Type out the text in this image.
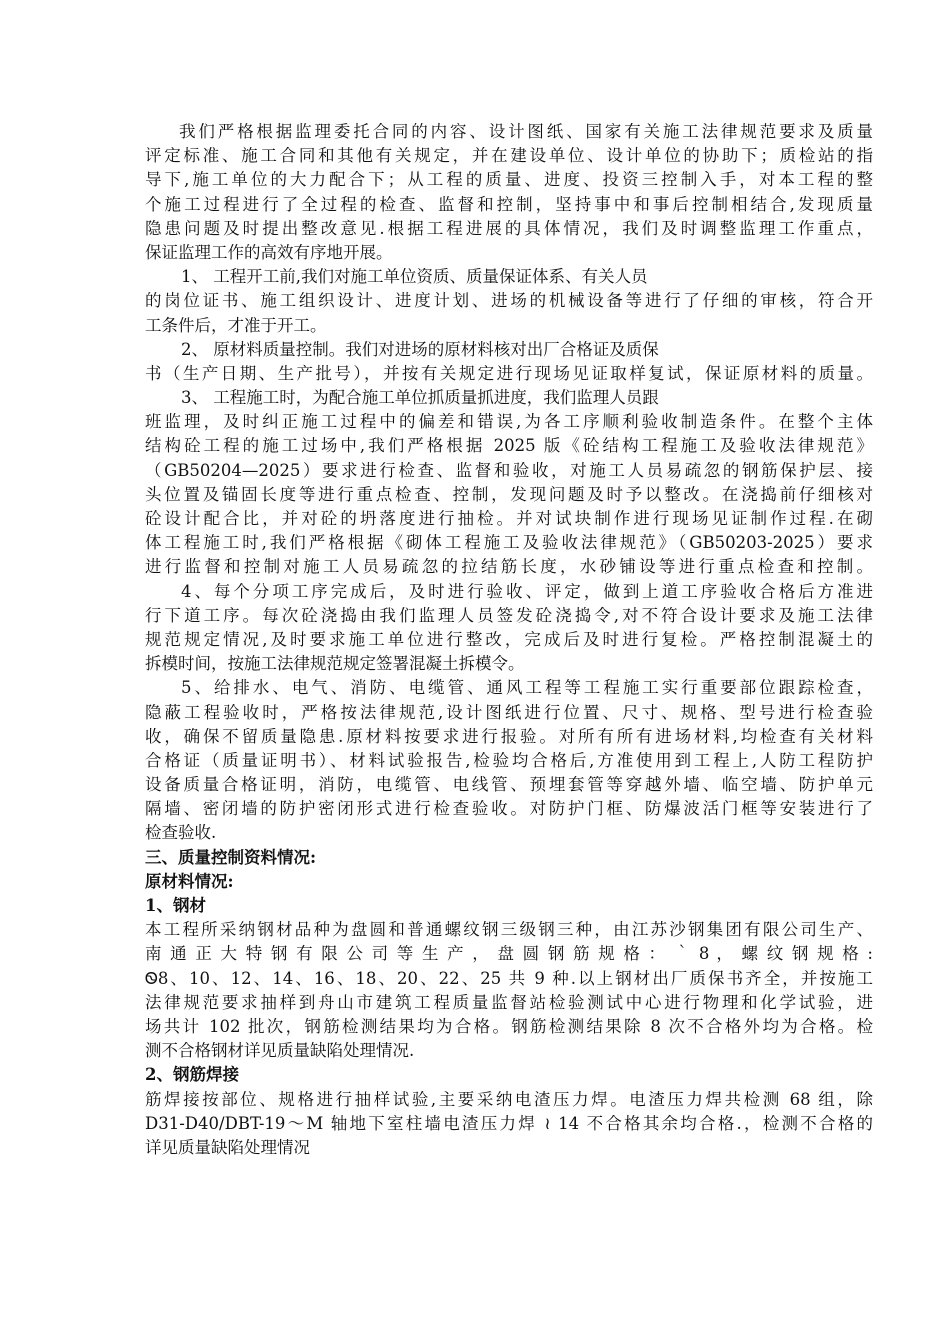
我们严格根据监理委托合同的内容、设计图纸、国家有关施工法律规范要求及质量
评定标准、施工合同和其他有关规定，并在建设单位、设计单位的协助下；质检站的指
导下,施工单位的大力配合下；从工程的质量、进度、投资三控制入手，对本工程的整
个施工过程进行了全过程的检查、监督和控制，坚持事中和事后控制相结合,发现质量
隐患问题及时提出整改意见.根据工程进展的具体情况，我们及时调整监理工作重点，
保证监理工作的高效有序地开展。
1、 工程开工前,我们对施工单位资质、质量保证体系、有关人员
的岗位证书、施工组织设计、进度计划、进场的机械设备等进行了仔细的审核，符合开
工条件后，才准于开工。
2、 原材料质量控制。我们对进场的原材料核对出厂合格证及质保
书（生产日期、生产批号），并按有关规定进行现场见证取样复试，保证原材料的质量。
3、 工程施工时，为配合施工单位抓质量抓进度，我们监理人员跟
班监理，及时纠正施工过程中的偏差和错误,为各工序顺利验收制造条件。在整个主体
结构砼工程的施工过场中,我们严格根据 2025 版《砼结构工程施工及验收法律规范》
（GB50204—2025）要求进行检查、监督和验收，对施工人员易疏忽的钢筋保护层、接
头位置及锚固长度等进行重点检查、控制，发现问题及时予以整改。在浇捣前仔细核对
砼设计配合比，并对砼的坍落度进行抽检。并对试块制作进行现场见证制作过程.在砌
体工程施工时,我们严格根据《砌体工程施工及验收法律规范》（GB50203-2025）要求
进行监督和控制对施工人员易疏忽的拉结筋长度，水砂铺设等进行重点检查和控制。
4、每个分项工序完成后，及时进行验收、评定，做到上道工序验收合格后方准进
行下道工序。每次砼浇捣由我们监理人员签发砼浇捣令,对不符合设计要求及施工法律
规范规定情况,及时要求施工单位进行整改，完成后及时进行复检。严格控制混凝土的
拆模时间，按施工法律规范规定签署混凝土拆模令。
5、给排水、电气、消防、电缆管、通风工程等工程施工实行重要部位跟踪检查，
隐蔽工程验收时，严格按法律规范,设计图纸进行位置、尺寸、规格、型号进行检查验
收，确保不留质量隐患.原材料按要求进行报验。对所有所有进场材料,均检查有关材料
合格证（质量证明书）、材料试验报告,检验均合格后,方准使用到工程上,人防工程防护
设备质量合格证明，消防，电缆管、电线管、预埋套管等穿越外墙、临空墙、防护单元
隔墙、密闭墙的防护密闭形式进行检查验收。对防护门框、防爆波活门框等安装进行了
检查验收.
三、质量控制资料情况:
原材料情况:
1、钢材
本工程所采纳钢材品种为盘圆和普通螺纹钢三级钢三种，由江苏沙钢集团有限公司生产、
南 通 正 大 特 钢 有 限 公 司 等 生 产 ， 盘 圆 钢 筋 规 格 ： ｀ 8 ， 螺 纹 钢 规 格 :
Ꮻ8、10、12、14、16、18、20、22、25 共 9 种.以上钢材出厂质保书齐全，并按施工
法律规范要求抽样到舟山市建筑工程质量监督站检验测试中心进行物理和化学试验，进
场共计 102 批次，钢筋检测结果均为合格。钢筋检测结果除 8 次不合格外均为合格。检
测不合格钢材详见质量缺陷处理情况.
2、钢筋焊接
筋焊接按部位、规格进行抽样试验,主要采纳电渣压力焊。电渣压力焊共检测 68 组，除
D31-D40/DBT-19～M 轴地下室柱墙电渣压力焊 ≀ 14 不合格其余均合格.，检测不合格的
详见质量缺陷处理情况
